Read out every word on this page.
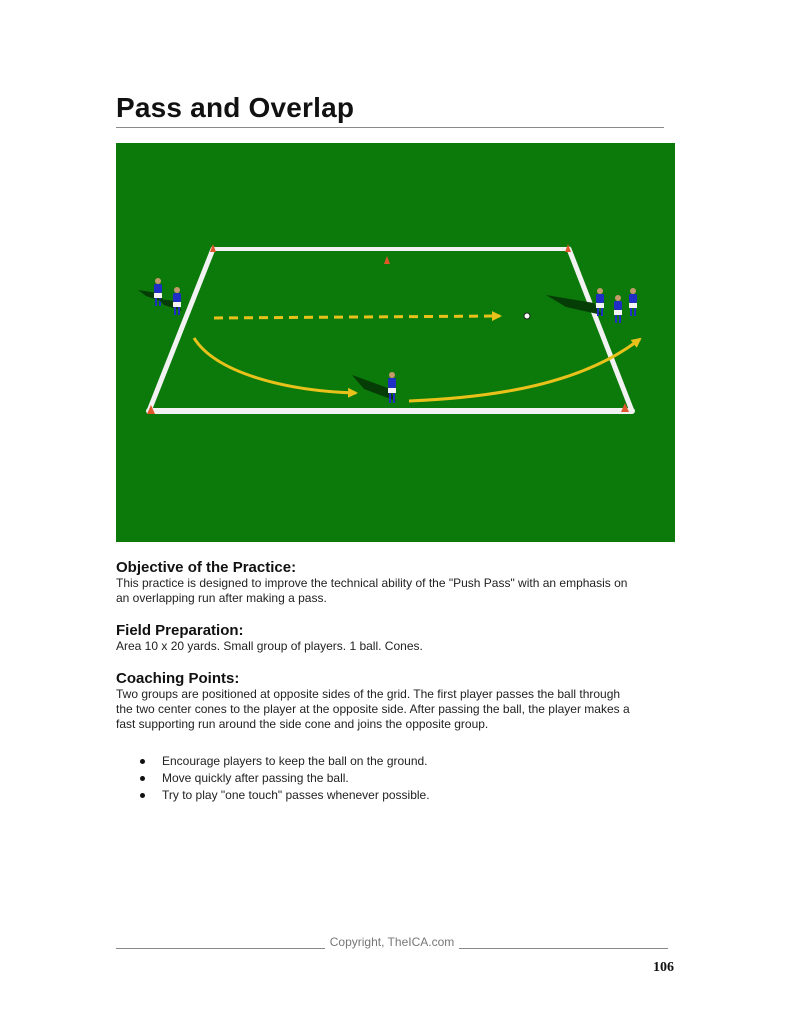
Pass and Overlap
Objective of the Practice:

This practice is designed to improve the technical ability of the "Push Pass" with an emphasis on

an overlapping run after making a pass.

Field Preparation:

Area 10 x 20 yards. Small group of players. 1 ball. Cones.

Coaching Points:

Two groups are positioned at opposite sides of the grid. The first player passes the ball through

the two center cones to the player at the opposite side. After passing the ball, the player makes a

fast supporting run around the side cone and joins the opposite group.

Encourage players to keep the ball on the ground.
Move quickly after passing the ball.
Try to play "one touch" passes whenever possible.
Copyright, TheICA.com
106
